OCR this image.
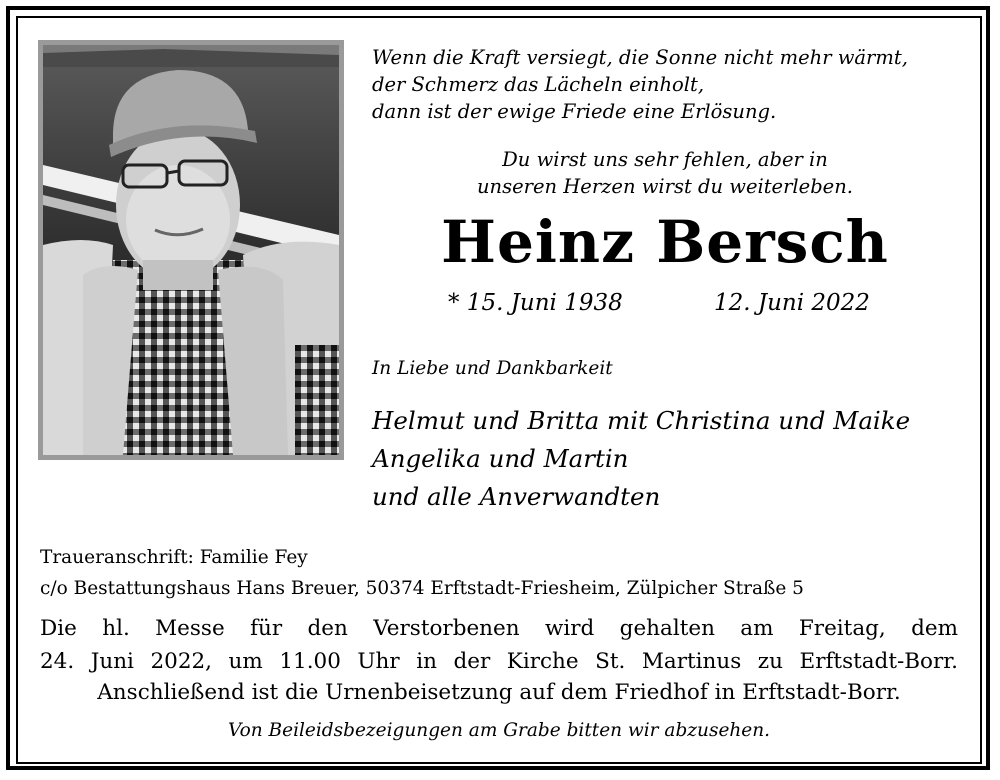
Wenn die Kraft versiegt, die Sonne nicht mehr wärmt,
der Schmerz das Lächeln einholt,
dann ist der ewige Friede eine Erlösung.
Du wirst uns sehr fehlen, aber in
unseren Herzen wirst du weiterleben.
Heinz Bersch
* 15. Juni 1938	12. Juni 2022
In Liebe und Dankbarkeit
Helmut und Britta mit Christina und Maike
Angelika und Martin
und alle Anverwandten
Traueranschrift: Familie Fey
c/o Bestattungshaus Hans Breuer, 50374 Erftstadt-Friesheim, Zülpicher Straße 5
Die hl. Messe für den Verstorbenen wird gehalten am Freitag, dem
24. Juni 2022, um 11.00 Uhr in der Kirche St. Martinus zu Erftstadt-Borr.
Anschließend ist die Urnenbeisetzung auf dem Friedhof in Erftstadt-Borr.
Von Beileidsbezeigungen am Grabe bitten wir abzusehen.
